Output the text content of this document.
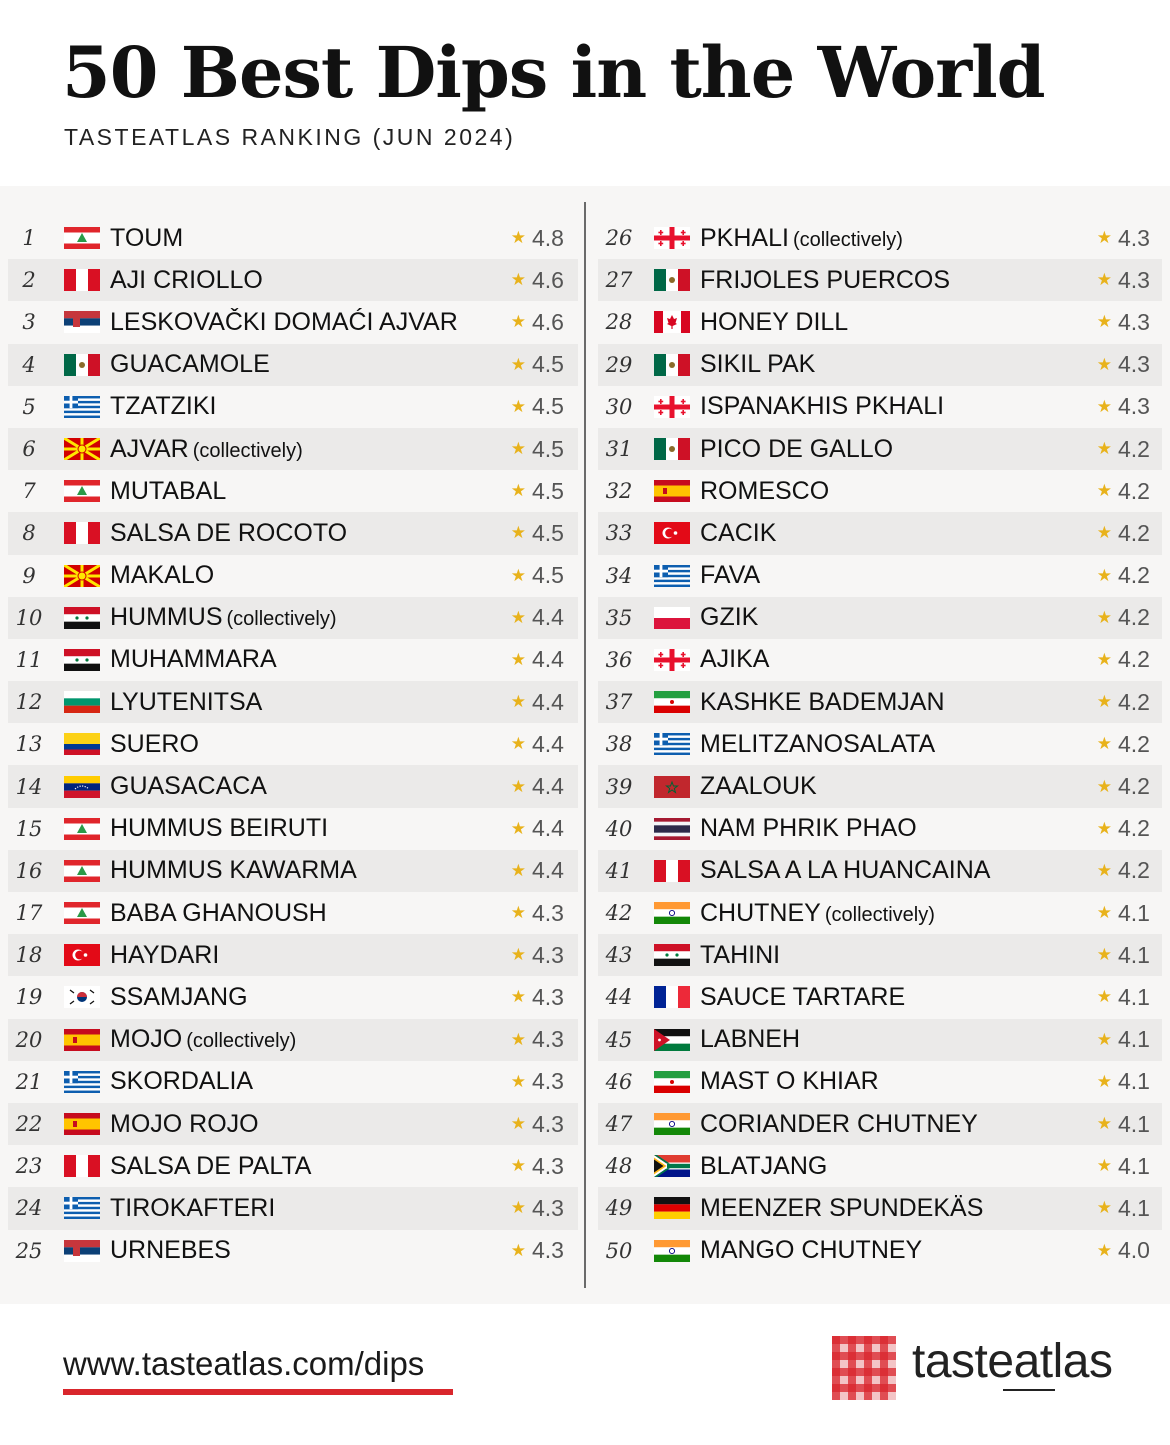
50 Best Dips in the World
TASTEATLAS RANKING (JUN 2024)
1	TOUM	★ 4.8
2	AJI CRIOLLO	★ 4.6
3	LESKOVAČKI DOMAĆI AJVAR	★ 4.6
4	GUACAMOLE	★ 4.5
5	TZATZIKI	★ 4.5
6	AJVAR (collectively)	★ 4.5
7	MUTABAL	★ 4.5
8	SALSA DE ROCOTO	★ 4.5
9	MAKALO	★ 4.5
10	HUMMUS (collectively)	★ 4.4
11	MUHAMMARA	★ 4.4
12	LYUTENITSA	★ 4.4
13	SUERO	★ 4.4
14	GUASACACA	★ 4.4
15	HUMMUS BEIRUTI	★ 4.4
16	HUMMUS KAWARMA	★ 4.4
17	BABA GHANOUSH	★ 4.3
18	HAYDARI	★ 4.3
19	SSAMJANG	★ 4.3
20	MOJO (collectively)	★ 4.3
21	SKORDALIA	★ 4.3
22	MOJO ROJO	★ 4.3
23	SALSA DE PALTA	★ 4.3
24	TIROKAFTERI	★ 4.3
25	URNEBES	★ 4.3
26	PKHALI (collectively)	★ 4.3
27	FRIJOLES PUERCOS	★ 4.3
28	HONEY DILL	★ 4.3
29	SIKIL PAK	★ 4.3
30	ISPANAKHIS PKHALI	★ 4.3
31	PICO DE GALLO	★ 4.2
32	ROMESCO	★ 4.2
33	CACIK	★ 4.2
34	FAVA	★ 4.2
35	GZIK	★ 4.2
36	AJIKA	★ 4.2
37	KASHKE BADEMJAN	★ 4.2
38	MELITZANOSALATA	★ 4.2
39	ZAALOUK	★ 4.2
40	NAM PHRIK PHAO	★ 4.2
41	SALSA A LA HUANCAINA	★ 4.2
42	CHUTNEY (collectively)	★ 4.1
43	TAHINI	★ 4.1
44	SAUCE TARTARE	★ 4.1
45	LABNEH	★ 4.1
46	MAST O KHIAR	★ 4.1
47	CORIANDER CHUTNEY	★ 4.1
48	BLATJANG	★ 4.1
49	MEENZER SPUNDEKÄS	★ 4.1
50	MANGO CHUTNEY	★ 4.0
www.tasteatlas.com/dips	tasteatlas
